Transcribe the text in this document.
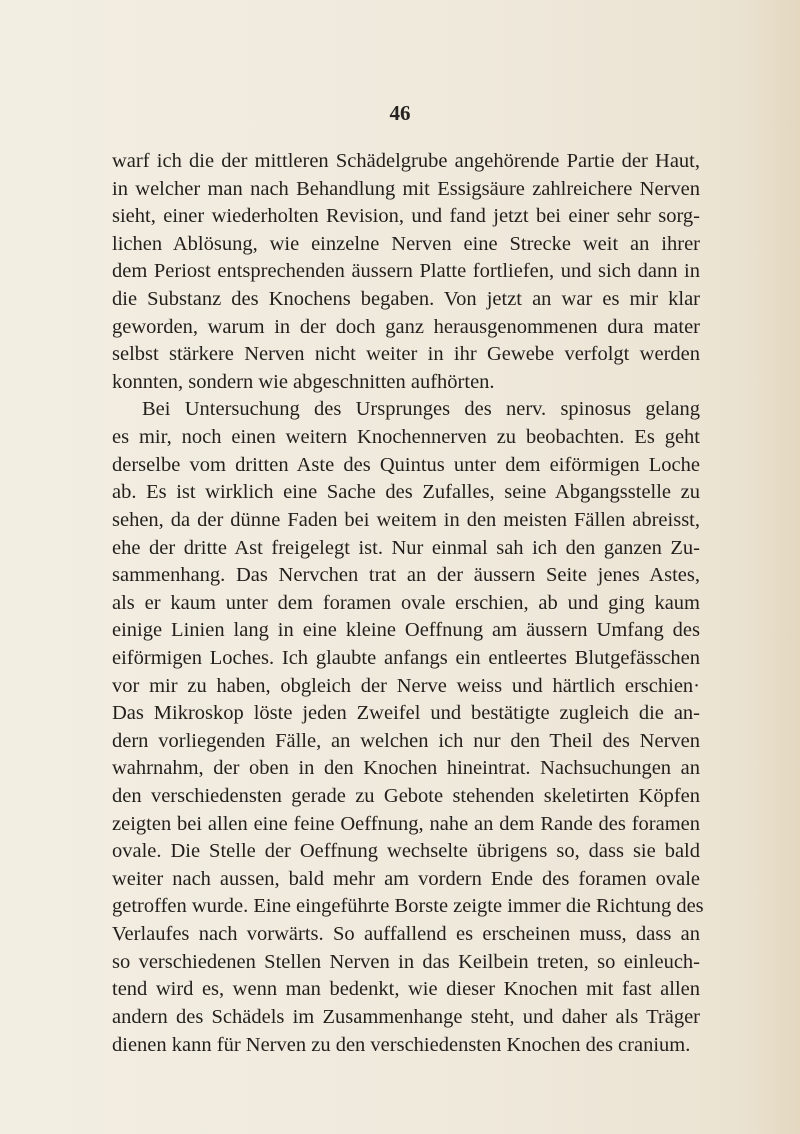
46
warf ich die der mittleren Schädelgrube angehörende Partie der Haut,
in welcher man nach Behandlung mit Essigsäure zahlreichere Nerven
sieht, einer wiederholten Revision, und fand jetzt bei einer sehr sorg-
lichen Ablösung, wie einzelne Nerven eine Strecke weit an ihrer
dem Periost entsprechenden äussern Platte fortliefen, und sich dann in
die Substanz des Knochens begaben. Von jetzt an war es mir klar
geworden, warum in der doch ganz herausgenommenen dura mater
selbst stärkere Nerven nicht weiter in ihr Gewebe verfolgt werden
konnten, sondern wie abgeschnitten aufhörten.
Bei Untersuchung des Ursprunges des nerv. spinosus gelang
es mir, noch einen weitern Knochennerven zu beobachten. Es geht
derselbe vom dritten Aste des Quintus unter dem eiförmigen Loche
ab. Es ist wirklich eine Sache des Zufalles, seine Abgangsstelle zu
sehen, da der dünne Faden bei weitem in den meisten Fällen abreisst,
ehe der dritte Ast freigelegt ist. Nur einmal sah ich den ganzen Zu-
sammenhang. Das Nervchen trat an der äussern Seite jenes Astes,
als er kaum unter dem foramen ovale erschien, ab und ging kaum
einige Linien lang in eine kleine Oeffnung am äussern Umfang des
eiförmigen Loches. Ich glaubte anfangs ein entleertes Blutgefässchen
vor mir zu haben, obgleich der Nerve weiss und härtlich erschien·
Das Mikroskop löste jeden Zweifel und bestätigte zugleich die an-
dern vorliegenden Fälle, an welchen ich nur den Theil des Nerven
wahrnahm, der oben in den Knochen hineintrat. Nachsuchungen an
den verschiedensten gerade zu Gebote stehenden skeletirten Köpfen
zeigten bei allen eine feine Oeffnung, nahe an dem Rande des foramen
ovale. Die Stelle der Oeffnung wechselte übrigens so, dass sie bald
weiter nach aussen, bald mehr am vordern Ende des foramen ovale
getroffen wurde. Eine eingeführte Borste zeigte immer die Richtung des
Verlaufes nach vorwärts. So auffallend es erscheinen muss, dass an
so verschiedenen Stellen Nerven in das Keilbein treten, so einleuch-
tend wird es, wenn man bedenkt, wie dieser Knochen mit fast allen
andern des Schädels im Zusammenhange steht, und daher als Träger
dienen kann für Nerven zu den verschiedensten Knochen des cranium.
